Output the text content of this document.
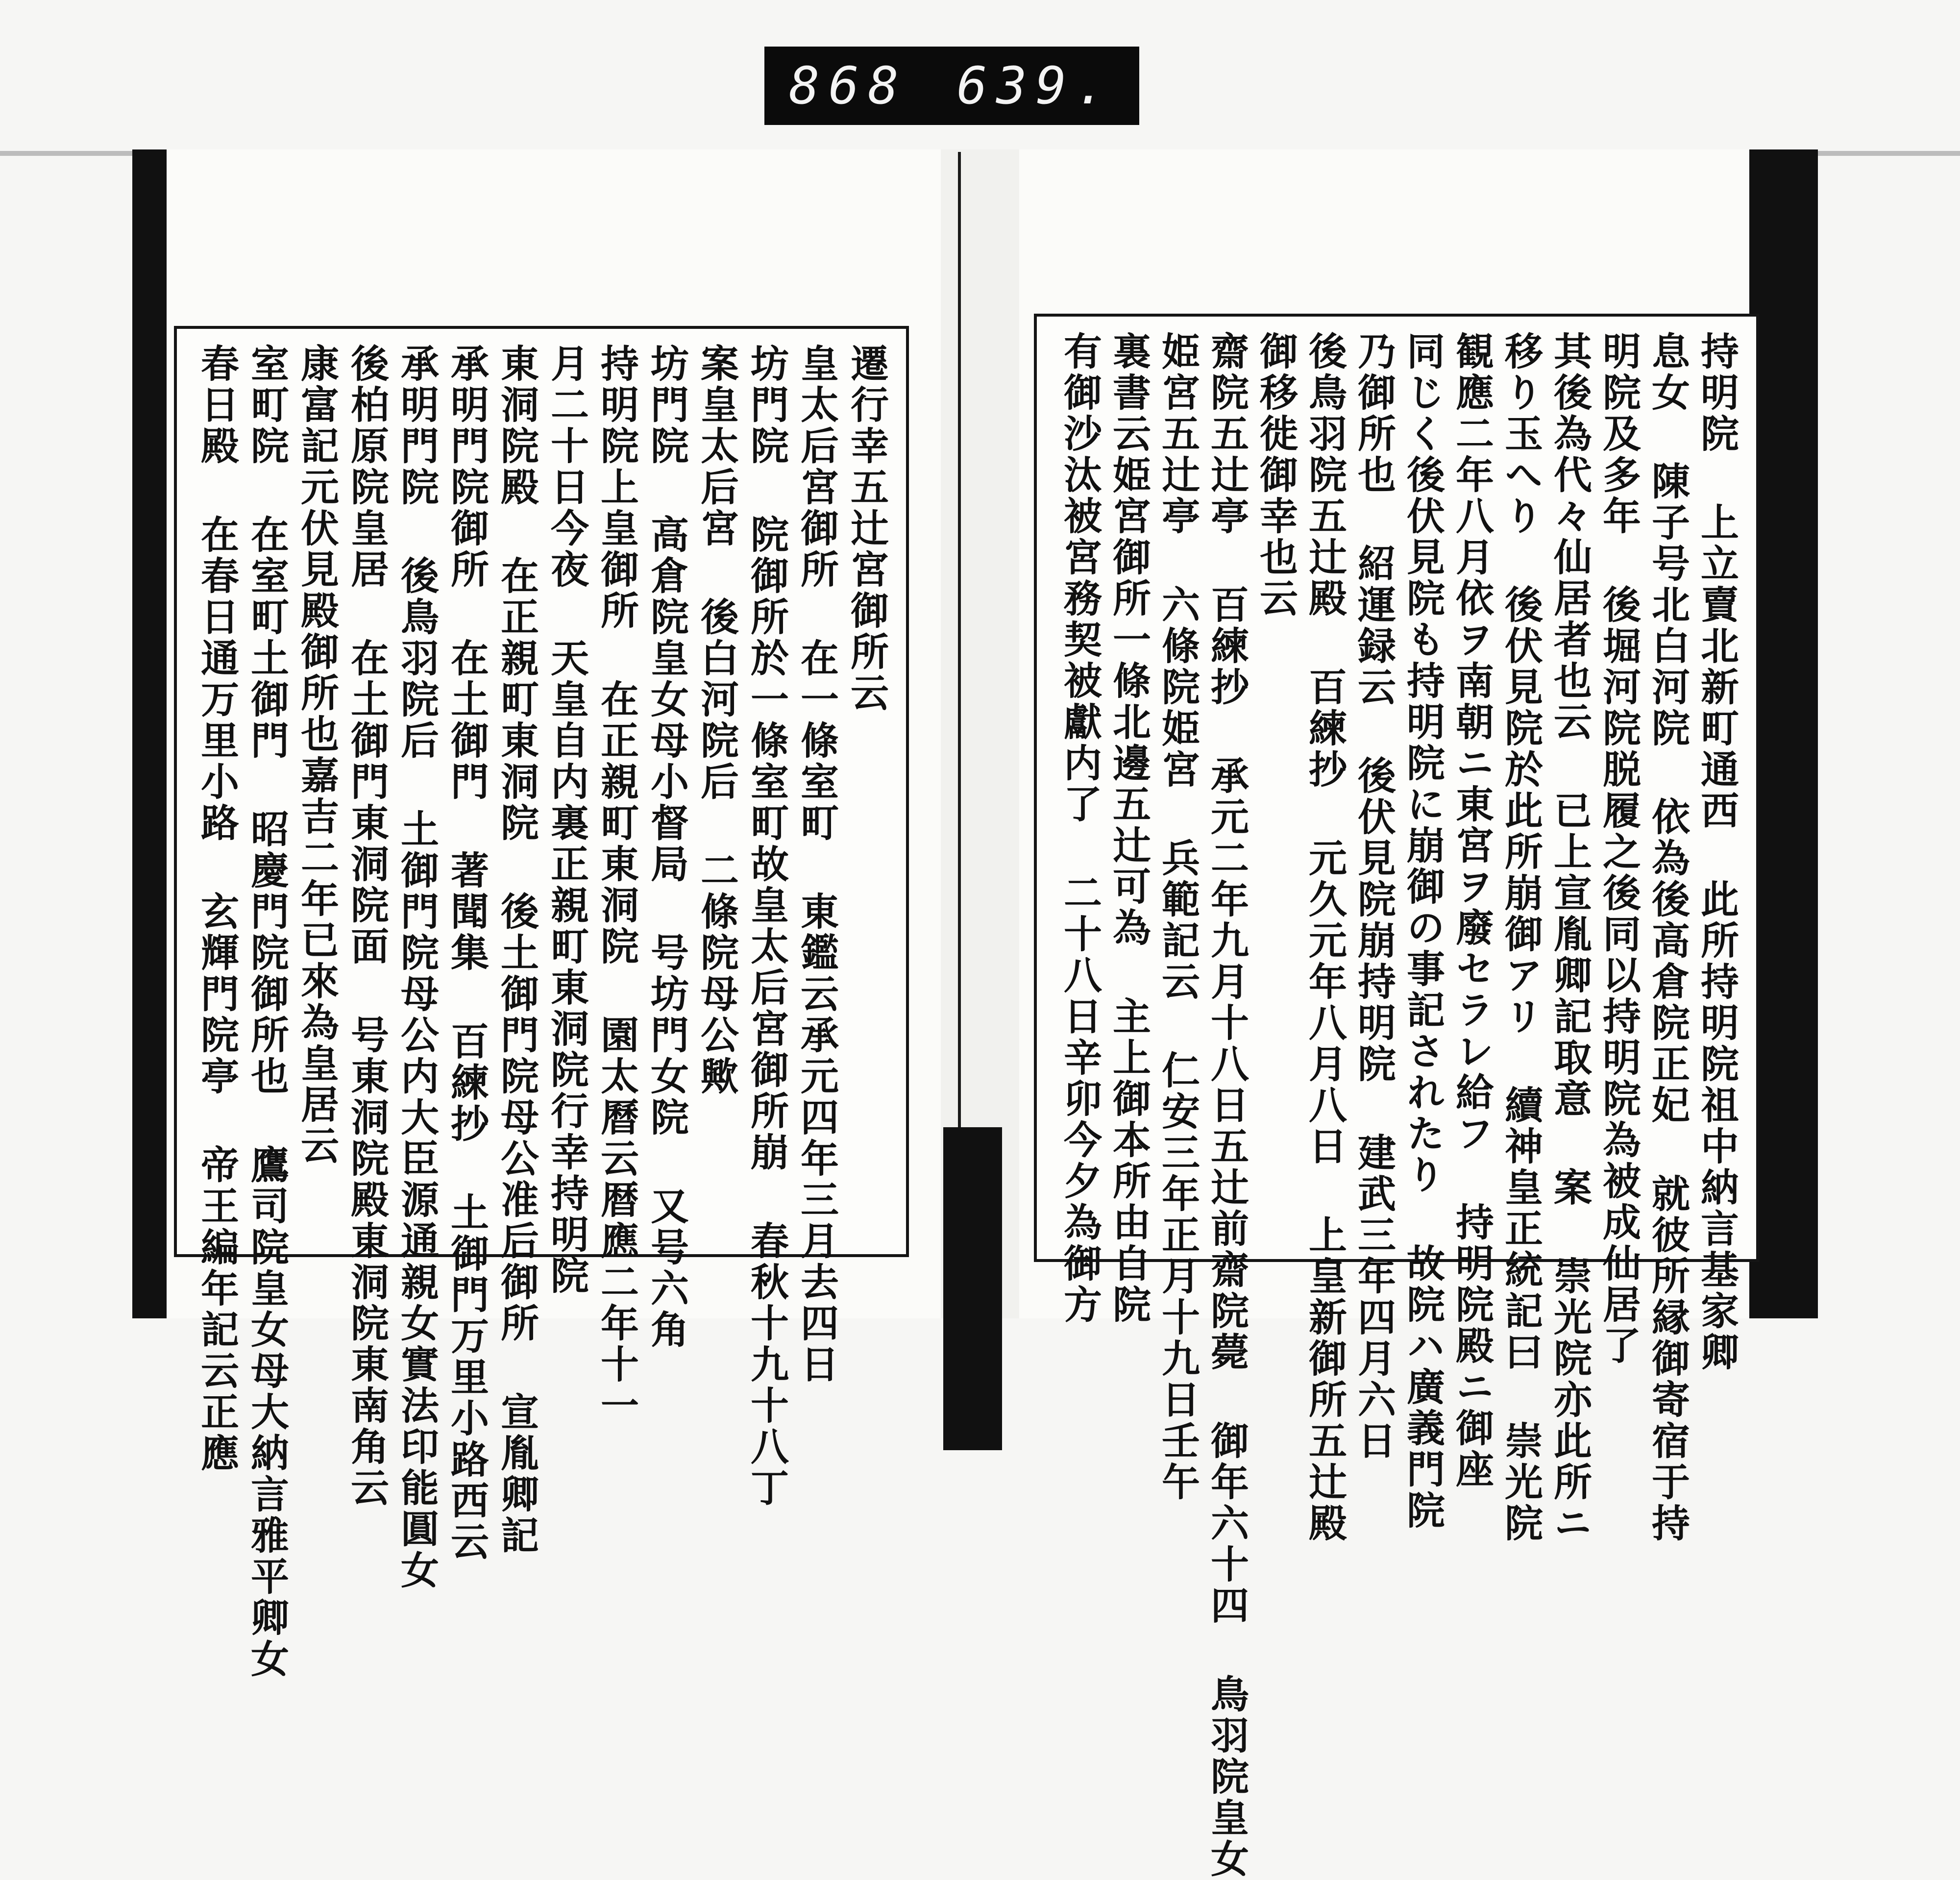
868 639.
遷行幸五辻宮御所云
皇太后宮御所 在一條室町 東鑑云承元四年三月去四日
坊門院 院御所於一條室町故皇太后宮御所崩 春秋十九十八丁
案皇太后宮 後白河院后 二條院母公歟
坊門院 高倉院皇女母小督局 号坊門女院 又号六角
持明院上皇御所 在正親町東洞院 園太曆云暦應二年十一
月二十日今夜 天皇自内裏正親町東洞院行幸持明院
東洞院殿 在正親町東洞院 後土御門院母公准后御所 宣胤卿記
承明門院御所 在土御門 著聞集 百練抄 土御門万里小路西云
承明門院 後鳥羽院后 土御門院母公内大臣源通親女實法印能圓女
後柏原院皇居 在土御門東洞院面 号東洞院殿東洞院東南角云
康富記元伏見殿御所也嘉吉二年已來為皇居云
室町院 在室町土御門 昭慶門院御所也 鷹司院皇女母大納言雅平卿女
春日殿 在春日通万里小路 玄輝門院亭 帝王編年記云正應	持明院 上立賣北新町通西 此所持明院祖中納言基家卿
息女 陳子号北白河院 依為後高倉院正妃 就彼所縁御寄宿于持
明院及多年 後堀河院脱履之後同以持明院為被成仙居了
其後為代々仙居者也云 已上宣胤卿記取意 案 崇光院亦此所ニ
移り玉へり 後伏見院於此所崩御アリ 續神皇正統記曰 崇光院
観應二年八月依ヲ南朝ニ東宮ヲ廢セラレ給フ 持明院殿ニ御座
同じく後伏見院も持明院に崩御の事記されたり 故院ハ廣義門院
乃御所也 紹運録云 後伏見院崩持明院 建武三年四月六日
後鳥羽院五辻殿 百練抄 元久元年八月八日 上皇新御所五辻殿
御移徙御幸也云
齋院五辻亭 百練抄 承元二年九月十八日五辻前齋院薨 御年六十四 鳥羽院皇女
姫宮五辻亭 六條院姫宮 兵範記云 仁安三年正月十九日壬午
裏書云姫宮御所一條北邊五辻可為 主上御本所由自院
有御沙汰被宮務契被獻内了 二十八日辛卯今夕為御方
